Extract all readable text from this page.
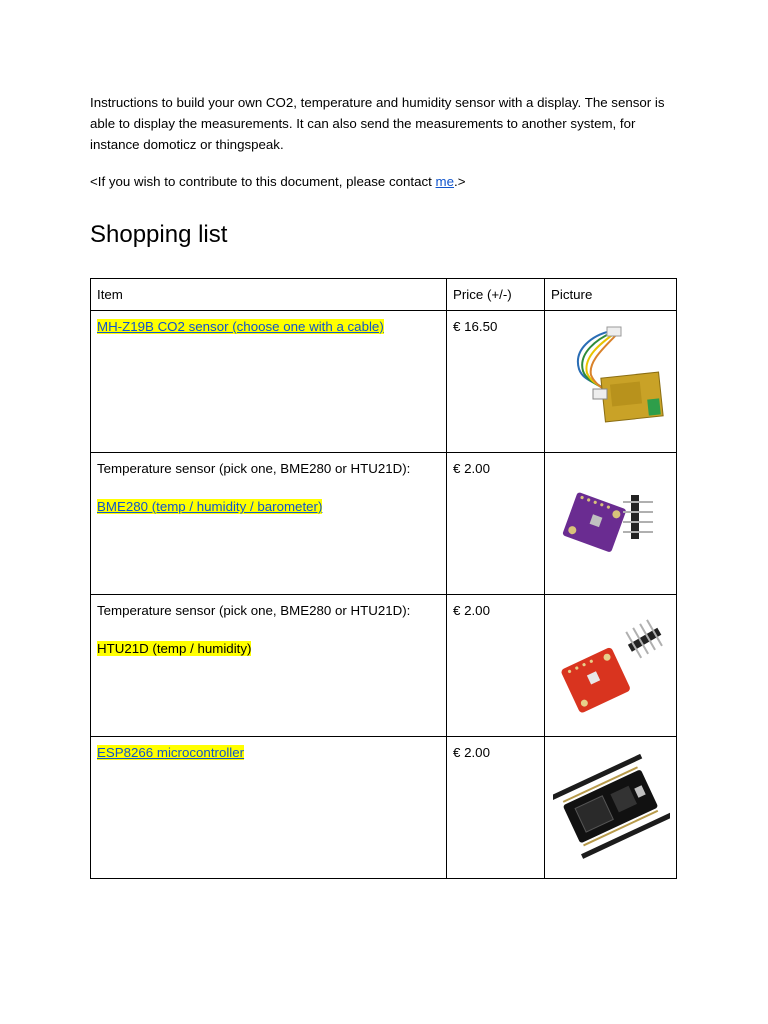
Instructions to build your own CO2, temperature and humidity sensor with a display. The sensor is able to display the measurements. It can also send the measurements to another system, for instance domoticz or thingspeak.

<If you wish to contribute to this document, please contact me.>

Shopping list
Item	Price (+/-)	Picture

MH-Z19B CO2 sensor (choose one with a cable)	€ 16.50

Temperature sensor (pick one, BME280 or HTU21D):
BME280 (temp / humidity / barometer)	€ 2.00

Temperature sensor (pick one, BME280 or HTU21D):
HTU21D (temp / humidity)	€ 2.00

ESP8266 microcontroller	€ 2.00
